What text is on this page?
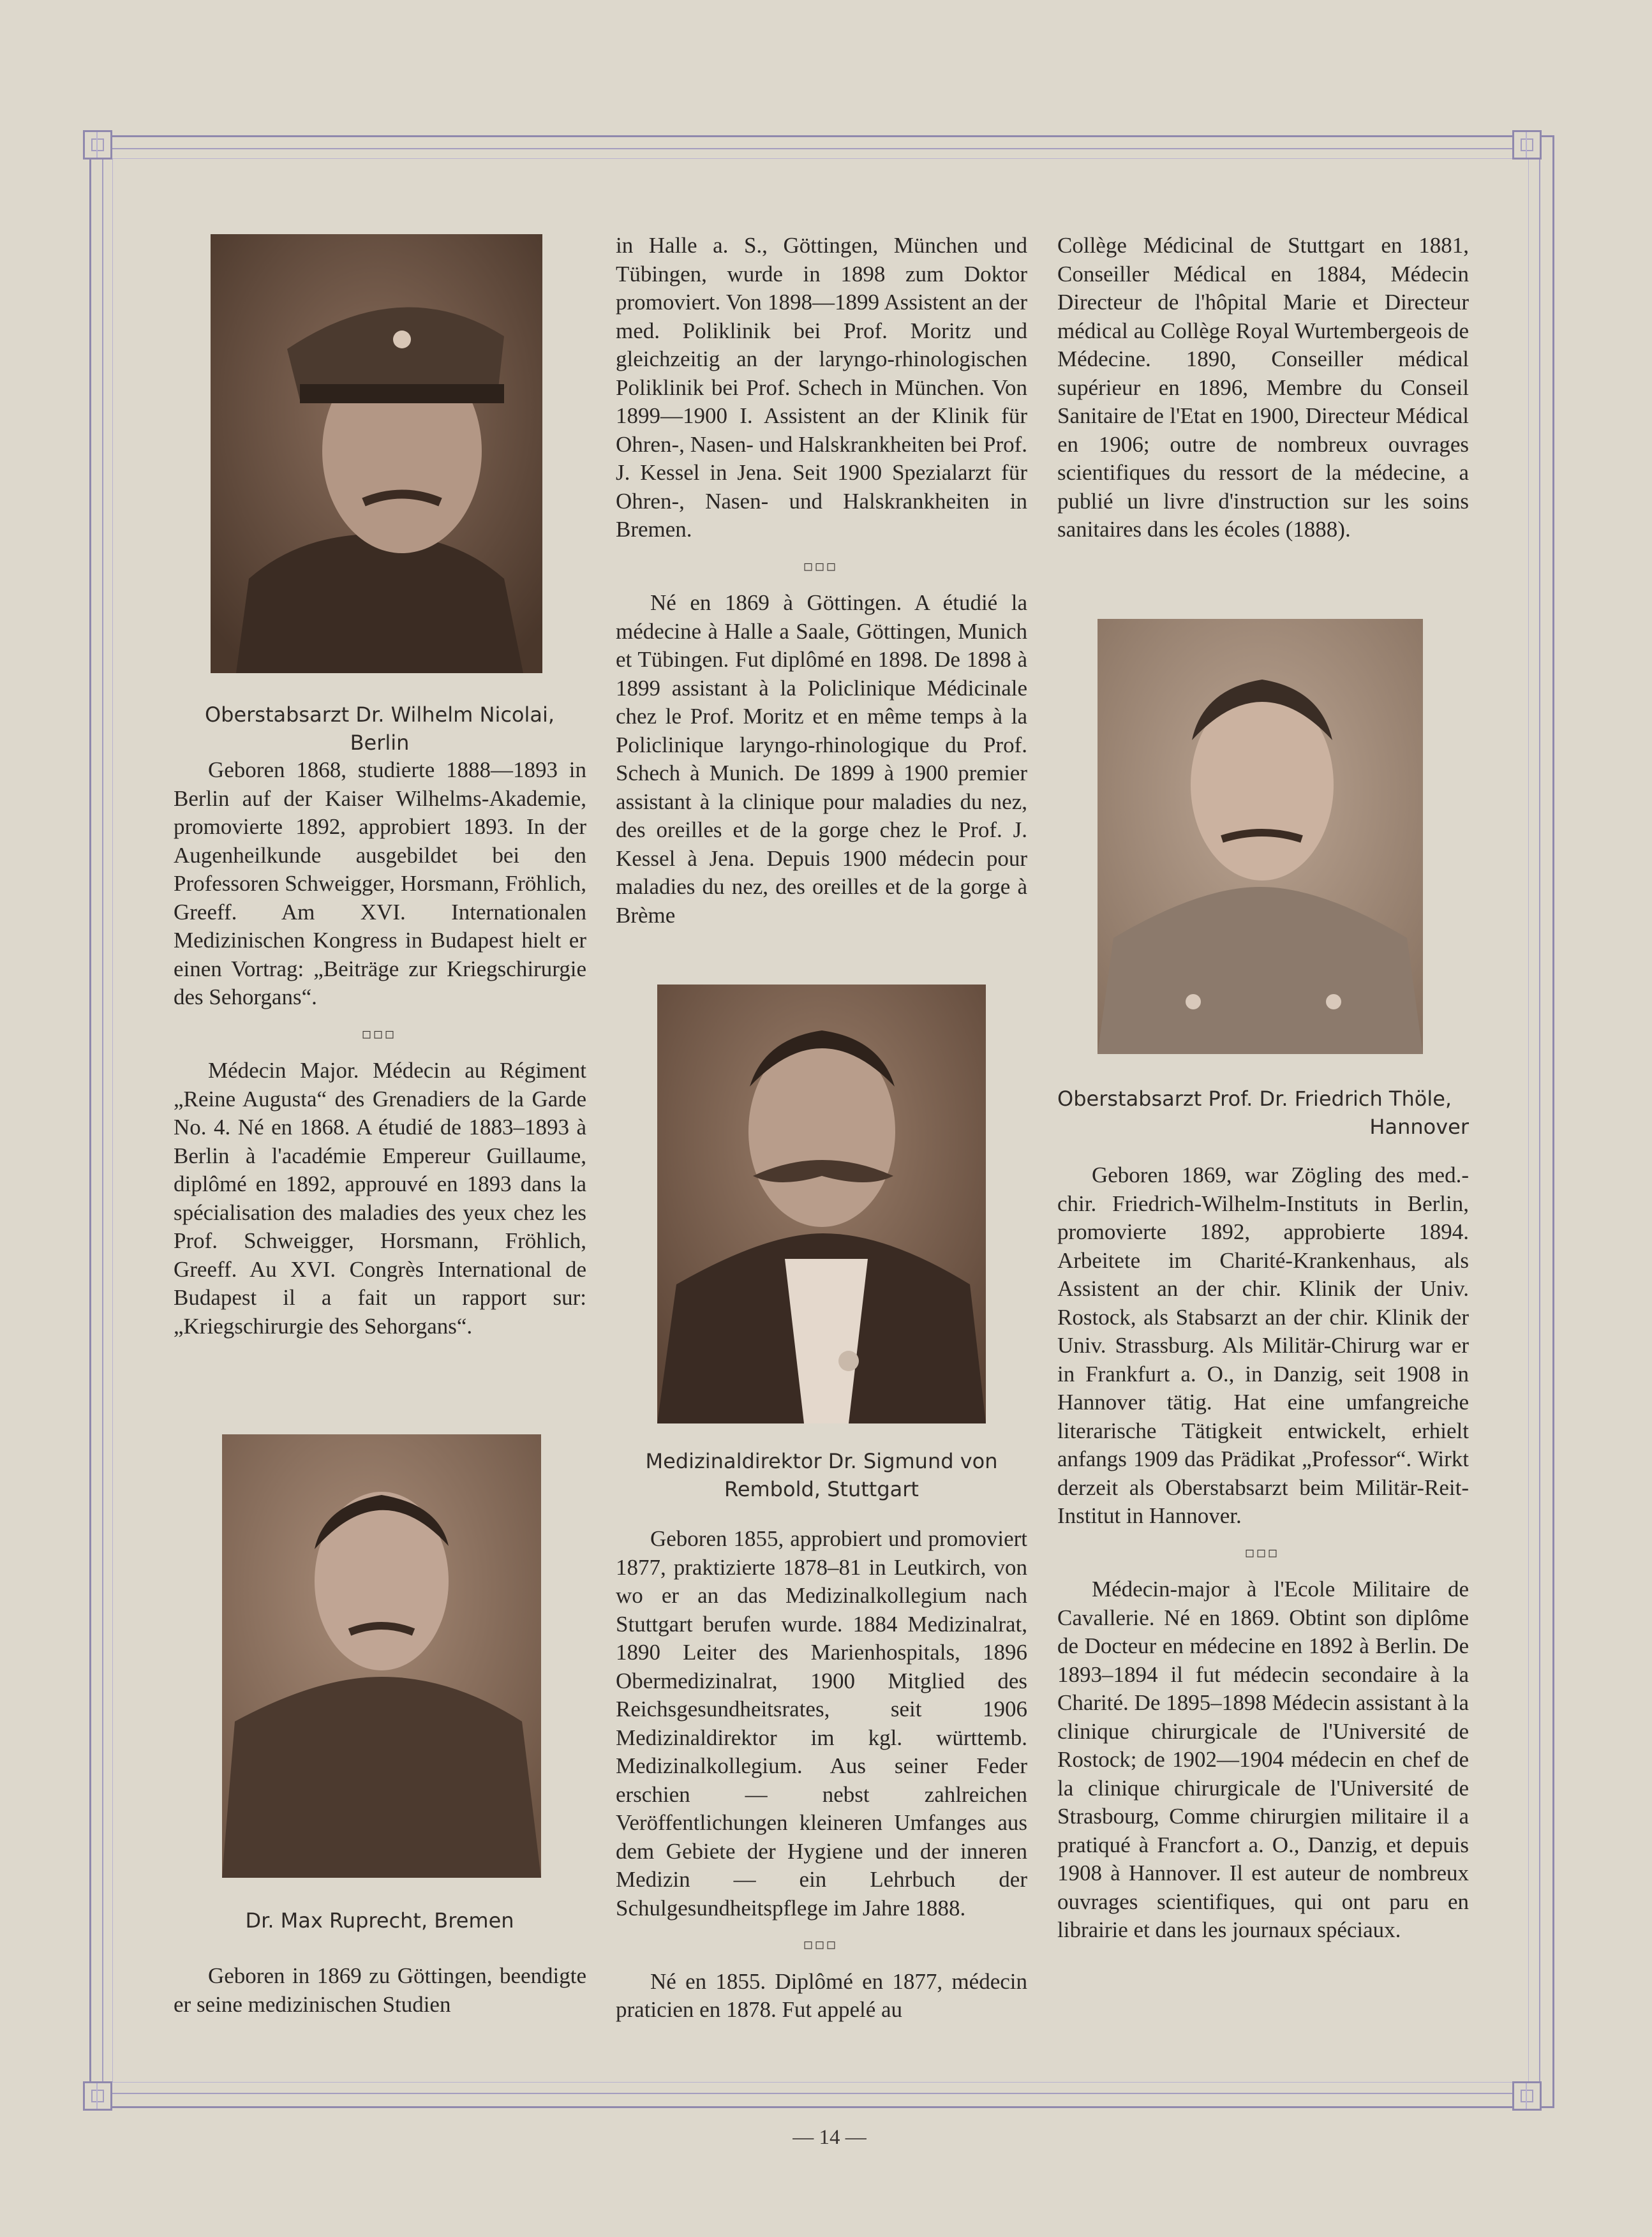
Oberstabsarzt Dr. Wilhelm Nicolai, Berlin

Geboren 1868, studierte 1888—1893 in Berlin auf der Kaiser Wilhelms-Akademie, promovierte 1892, approbiert 1893. In der Augenheilkunde ausgebildet bei den Professoren Schweigger, Horsmann, Fröhlich, Greeff. Am XVI. Internationalen Medizinischen Kongress in Budapest hielt er einen Vortrag: „Beiträge zur Kriegschirurgie des Sehorgans“.

□□□

Médecin Major. Médecin au Régiment „Reine Augusta“ des Grenadiers de la Garde No. 4. Né en 1868. A étudié de 1883–1893 à Berlin à l'académie Empereur Guillaume, diplômé en 1892, approuvé en 1893 dans la spécialisation des maladies des yeux chez les Prof. Schweigger, Horsmann, Fröhlich, Greeff. Au XVI. Congrès International de Budapest il a fait un rapport sur: „Kriegschirurgie des Sehorgans“.

Dr. Max Ruprecht, Bremen

Geboren in 1869 zu Göttingen, beendigte er seine medizinischen Studien

in Halle a. S., Göttingen, München und Tübingen, wurde in 1898 zum Doktor promoviert. Von 1898—1899 Assistent an der med. Poliklinik bei Prof. Moritz und gleichzeitig an der laryngo-rhinologischen Poliklinik bei Prof. Schech in München. Von 1899—1900 I. Assistent an der Klinik für Ohren-, Nasen- und Halskrankheiten bei Prof. J. Kessel in Jena. Seit 1900 Spezialarzt für Ohren-, Nasen- und Halskrankheiten in Bremen.

□□□

Né en 1869 à Göttingen. A étudié la médecine à Halle a Saale, Göttingen, Munich et Tübingen. Fut diplômé en 1898. De 1898 à 1899 assistant à la Policlinique Médicinale chez le Prof. Moritz et en même temps à la Policlinique laryngo-rhinologique du Prof. Schech à Munich. De 1899 à 1900 premier assistant à la clinique pour maladies du nez, des oreilles et de la gorge chez le Prof. J. Kessel à Jena. Depuis 1900 médecin pour maladies du nez, des oreilles et de la gorge à Brème

Medizinaldirektor Dr. Sigmund von
Rembold, Stuttgart

Geboren 1855, approbiert und promoviert 1877, praktizierte 1878–81 in Leutkirch, von wo er an das Medizinalkollegium nach Stuttgart berufen wurde. 1884 Medizinalrat, 1890 Leiter des Marienhospitals, 1896 Obermedizinalrat, 1900 Mitglied des Reichsgesundheitsrates, seit 1906 Medizinaldirektor im kgl. württemb. Medizinalkollegium. Aus seiner Feder erschien — nebst zahlreichen Veröffentlichungen kleineren Umfanges aus dem Gebiete der Hygiene und der inneren Medizin — ein Lehrbuch der Schulgesundheitspflege im Jahre 1888.

□□□

Né en 1855. Diplômé en 1877, médecin praticien en 1878. Fut appelé au

Collège Médicinal de Stuttgart en 1881, Conseiller Médical en 1884, Médecin Directeur de l'hôpital Marie et Directeur médical au Collège Royal Wurtembergeois de Médecine. 1890, Conseiller médical supérieur en 1896, Membre du Conseil Sanitaire de l'Etat en 1900, Directeur Médical en 1906; outre de nombreux ouvrages scientifiques du ressort de la médecine, a publié un livre d'instruction sur les soins sanitaires dans les écoles (1888).

Oberstabsarzt Prof. Dr. Friedrich Thöle,
Hannover

Geboren 1869, war Zögling des med.-chir. Friedrich-Wilhelm-Instituts in Berlin, promovierte 1892, approbierte 1894. Arbeitete im Charité-Krankenhaus, als Assistent an der chir. Klinik der Univ. Rostock, als Stabsarzt an der chir. Klinik der Univ. Strassburg. Als Militär-Chirurg war er in Frankfurt a. O., in Danzig, seit 1908 in Hannover tätig. Hat eine umfangreiche literarische Tätigkeit entwickelt, erhielt anfangs 1909 das Prädikat „Professor“. Wirkt derzeit als Oberstabsarzt beim Militär-Reit-Institut in Hannover.

□□□

Médecin-major à l'Ecole Militaire de Cavallerie. Né en 1869. Obtint son diplôme de Docteur en médecine en 1892 à Berlin. De 1893–1894 il fut médecin secondaire à la Charité. De 1895–1898 Médecin assistant à la clinique chirurgicale de l'Université de Rostock; de 1902—1904 médecin en chef de la clinique chirurgicale de l'Université de Strasbourg, Comme chirurgien militaire il a pratiqué à Francfort a. O., Danzig, et depuis 1908 à Hannover. Il est auteur de nombreux ouvrages scientifiques, qui ont paru en librairie et dans les journaux spéciaux.

— 14 —
